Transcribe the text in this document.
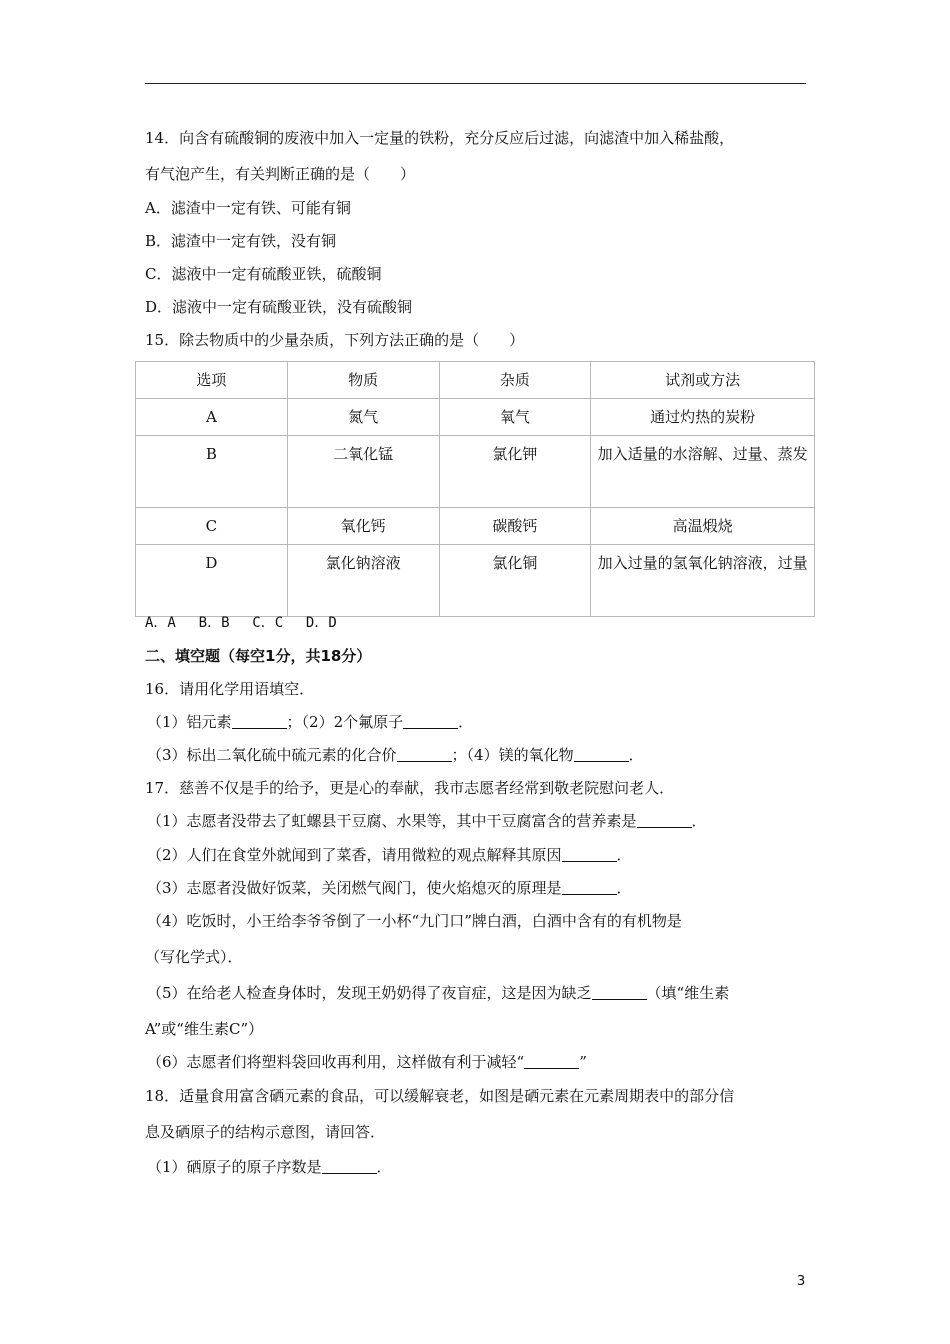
14．向含有硫酸铜的废液中加入一定量的铁粉，充分反应后过滤，向滤渣中加入稀盐酸，
有气泡产生，有关判断正确的是（　　）
A．滤渣中一定有铁、可能有铜
B．滤渣中一定有铁，没有铜
C．滤液中一定有硫酸亚铁，硫酸铜
D．滤液中一定有硫酸亚铁，没有硫酸铜
15．除去物质中的少量杂质，下列方法正确的是（　　）
选项	物质	杂质	试剂或方法
A	氮气	氧气	通过灼热的炭粉
B	二氧化锰	氯化钾	加入适量的水溶解、过量、蒸发
C	氧化钙	碳酸钙	高温煅烧
D	氯化钠溶液	氯化铜	加入过量的氢氧化钠溶液，过量
A．A B．B C．C D．D
二、填空题（每空1分，共18分）
16．请用化学用语填空．
（1）铝元素	；（2）2个氟原子	．
（3）标出二氧化硫中硫元素的化合价	；（4）镁的氧化物	．
17．慈善不仅是手的给予，更是心的奉献，我市志愿者经常到敬老院慰问老人．
（1）志愿者没带去了虹螺县干豆腐、水果等，其中干豆腐富含的营养素是	．
（2）人们在食堂外就闻到了菜香，请用微粒的观点解释其原因	．
（3）志愿者没做好饭菜，关闭燃气阀门，使火焰熄灭的原理是	．
（4）吃饭时，小王给李爷爷倒了一小杯“九门口”牌白酒，白酒中含有的有机物是
（写化学式）．
（5）在给老人检查身体时，发现王奶奶得了夜盲症，这是因为缺乏	（填“维生素
A”或“维生素C”）
（6）志愿者们将塑料袋回收再利用，这样做有利于减轻“	”
18．适量食用富含硒元素的食品，可以缓解衰老，如图是硒元素在元素周期表中的部分信
息及硒原子的结构示意图，请回答．
（1）硒原子的原子序数是	．
3
